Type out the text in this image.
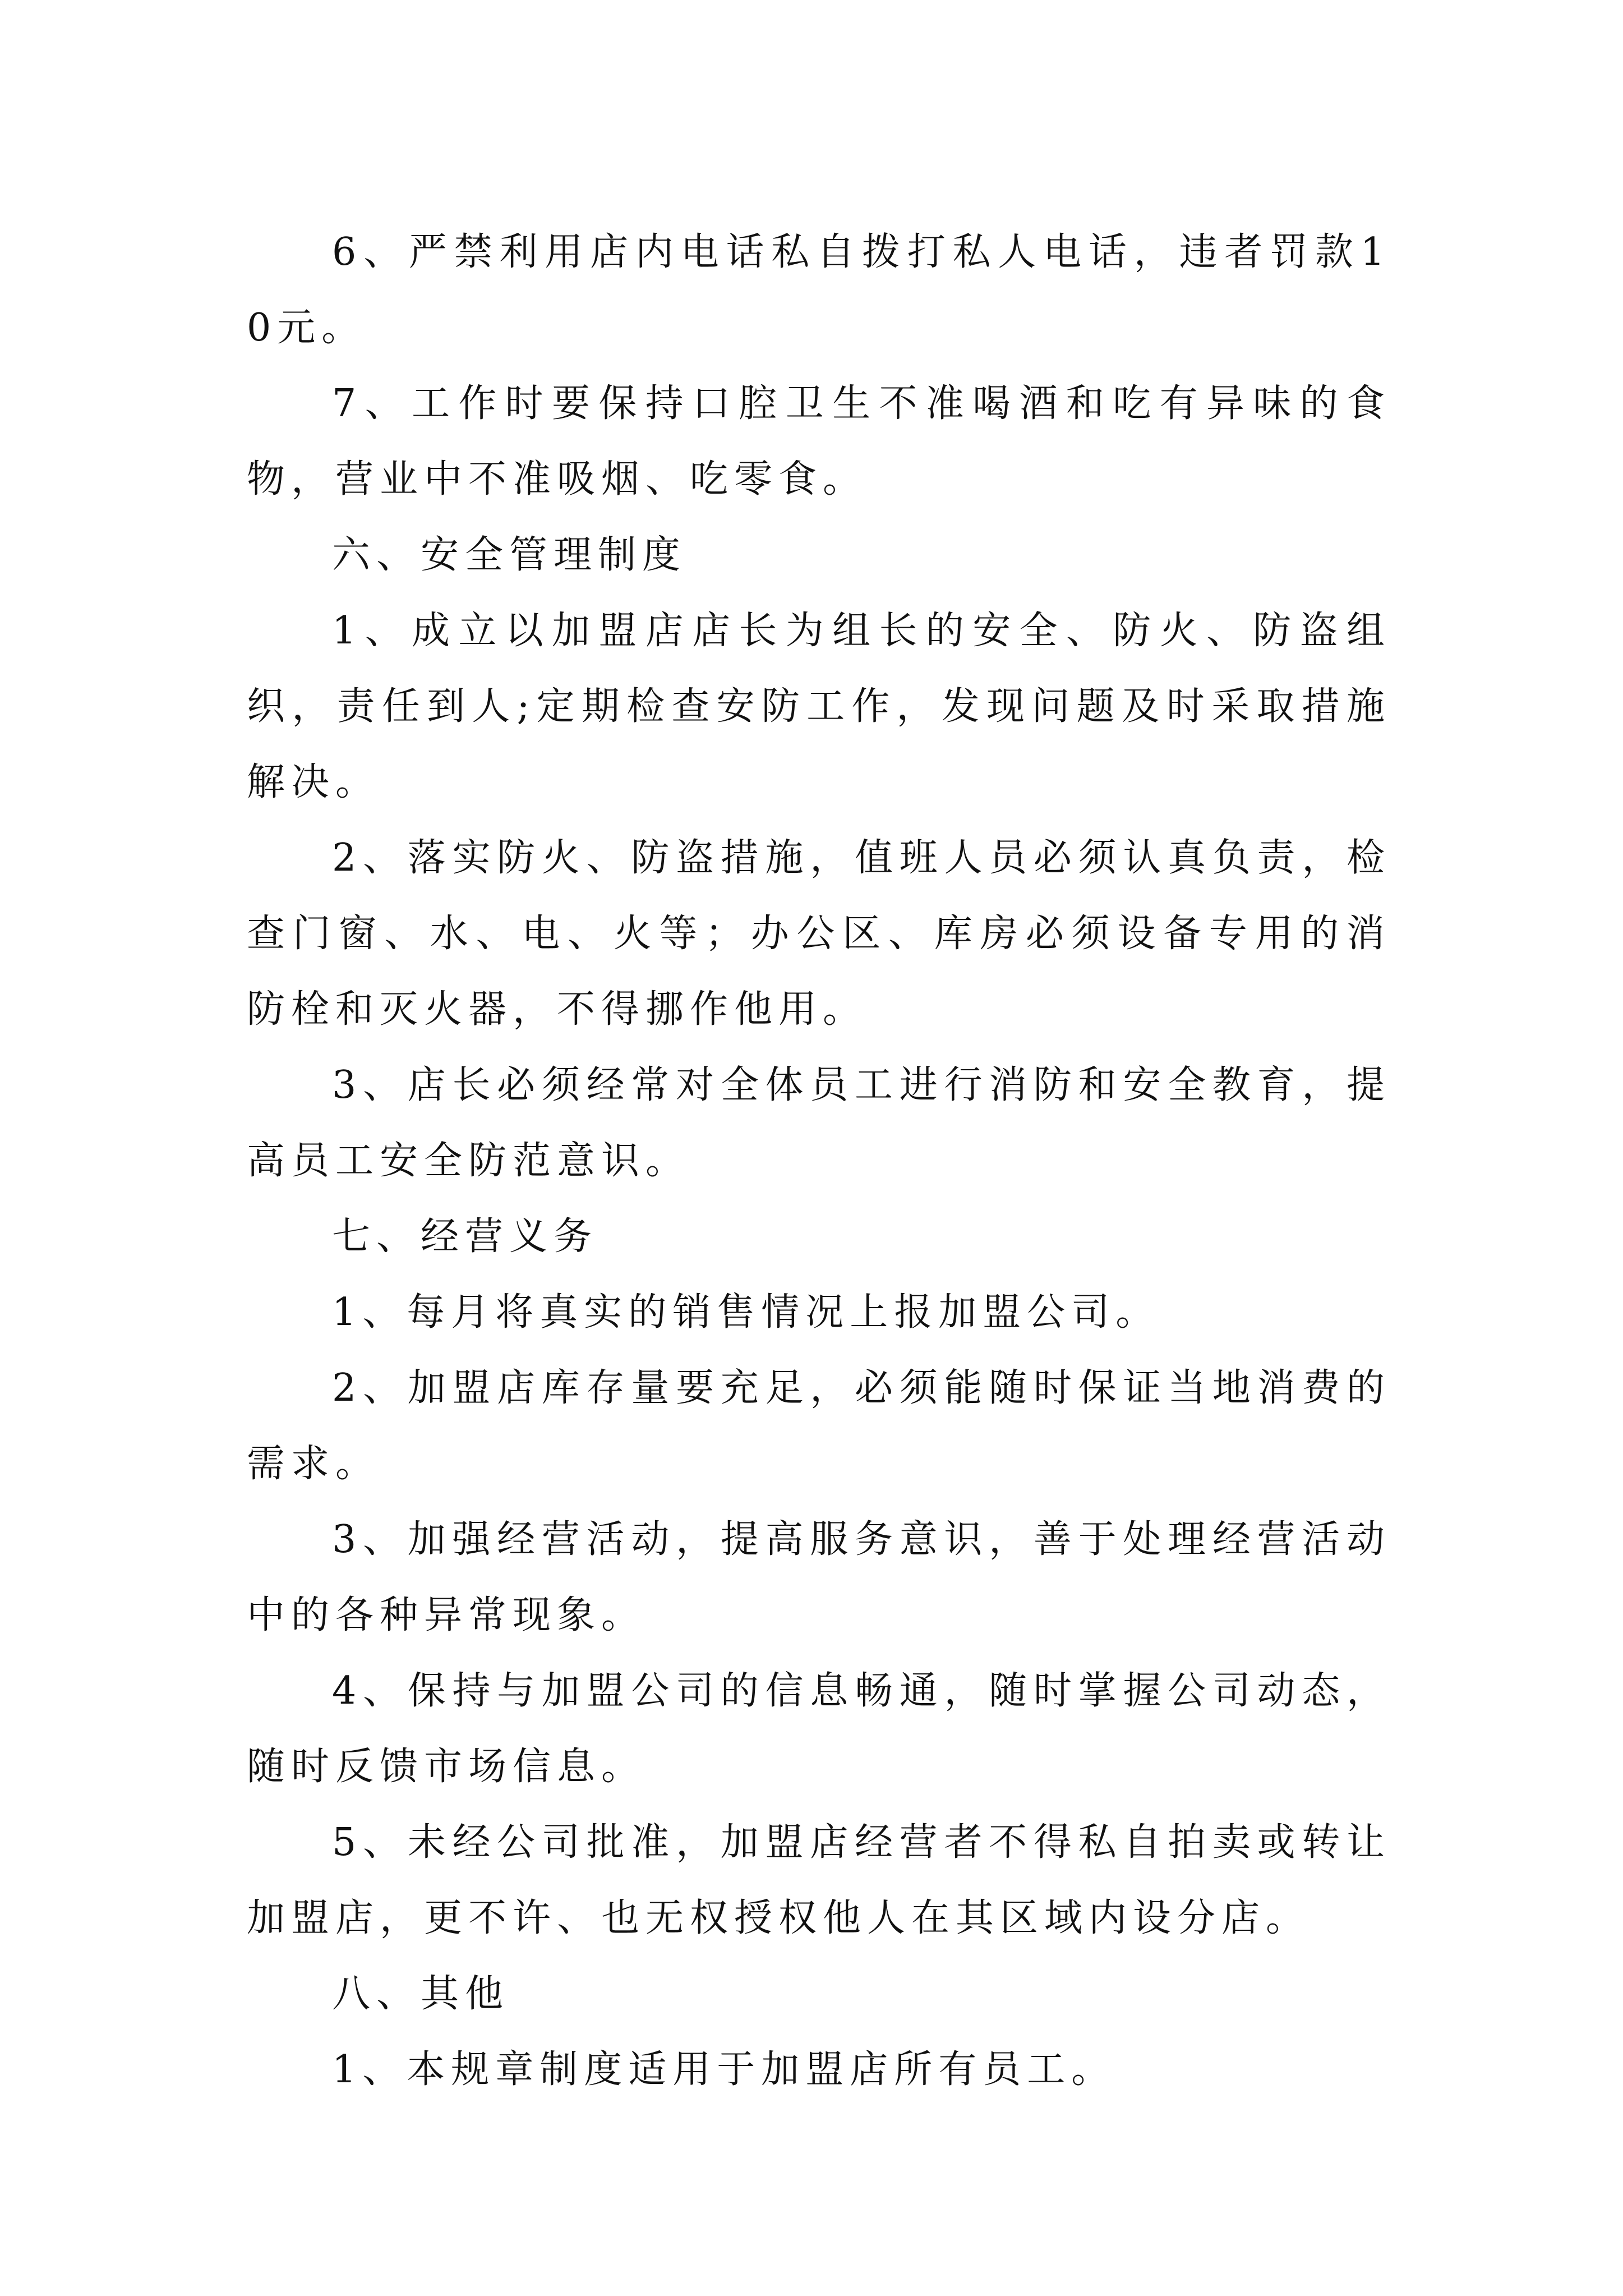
6、严禁利用店内电话私自拨打私人电话，违者罚款10元。

7、工作时要保持口腔卫生不准喝酒和吃有异味的食物，营业中不准吸烟、吃零食。

六、安全管理制度

1、成立以加盟店店长为组长的安全、防火、防盗组织，责任到人;定期检查安防工作，发现问题及时采取措施解决。

2、落实防火、防盗措施，值班人员必须认真负责，检查门窗、水、电、火等；办公区、库房必须设备专用的消防栓和灭火器，不得挪作他用。

3、店长必须经常对全体员工进行消防和安全教育，提高员工安全防范意识。

七、经营义务

1、每月将真实的销售情况上报加盟公司。

2、加盟店库存量要充足，必须能随时保证当地消费的需求。

3、加强经营活动，提高服务意识，善于处理经营活动中的各种异常现象。

4、保持与加盟公司的信息畅通，随时掌握公司动态，随时反馈市场信息。

5、未经公司批准，加盟店经营者不得私自拍卖或转让加盟店，更不许、也无权授权他人在其区域内设分店。

八、其他

1、本规章制度适用于加盟店所有员工。
